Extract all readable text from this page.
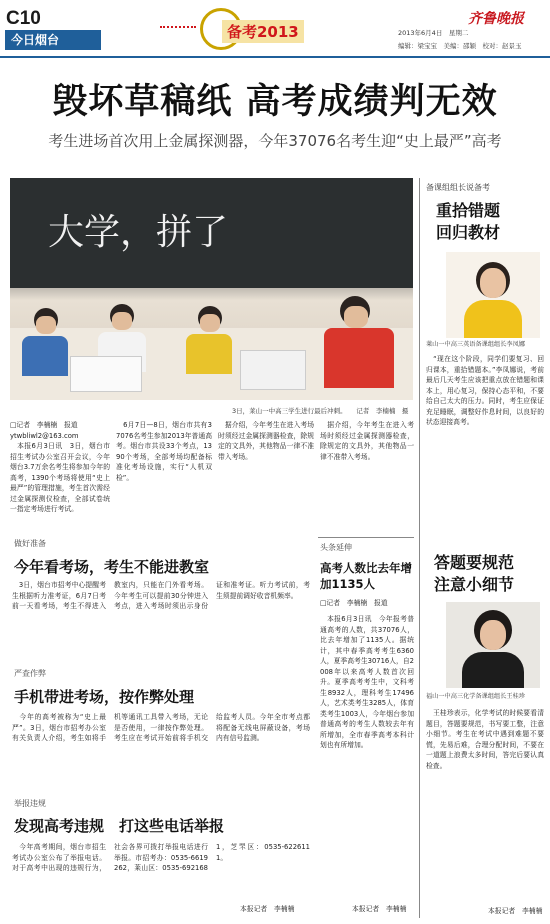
C10
今日烟台	备考2013
齐鲁晚报
2013年6月4日　星期二
编辑：梁宝宝　美编：邵颖　校对：赵景玉
毁坏草稿纸 高考成绩判无效
考生进场首次用上金属探测器，今年37076名考生迎“史上最严”高考
大学，拼了
3日，莱山一中高三学生进行最后冲刺。　　记者　李楠楠　摄
□记者　李楠楠　报道
ytwbliwl2@163.com
　本报6月3日讯　3日，烟台市招生考试办公室召开会议，今年烟台3.7万余名考生将参加今年的高考，1390个考场将使用“史上最严”的管理措施，考生首次需经过金属探测仪检查，全部试卷统一指定考场进行考试。
　6月7日—8日，烟台市共有37076名考生参加2013年普通高考。烟台市共设33个考点，1390个考场，全部考场均配备标准化考场设施，实行“人机双检”。
　据介绍，今年考生在进入考场时须经过金属探测器检查，除规定的文具外，其他物品一律不准带入考场。
　据介绍，今年考生在进入考场时须经过金属探测器检查，除规定的文具外，其他物品一律不准带入考场。
做好准备
今年看考场，考生不能进教室
　3日，烟台市招考中心提醒考生根据听力准考证，6月7日考前一天看考场，考生不得进入教室内，只能在门外看考场。今年考生可以提前30分钟进入考点，进入考场时须出示身份证和准考证。听力考试前，考生须提前调好收音机频率。
严查作弊
手机带进考场，按作弊处理
　今年的高考被称为“史上最严”。3日，烟台市招考办公室有关负责人介绍，考生如将手机等通讯工具带入考场，无论是否使用，一律按作弊处理。考生应在考试开始前将手机交给监考人员。今年全市考点都将配备无线电屏蔽设备，考场内有信号监测。
举报违规
发现高考违规　打这些电话举报
　今年高考期间，烟台市招生考试办公室公布了举报电话。对于高考中出现的违规行为，社会各界可拨打举报电话进行举报。市招考办：0535-6619262，莱山区：0535-6921681，芝罘区：0535-6226111。
本报记者　李楠楠
头条延伸
高考人数比去年增加1135人
□记者　李楠楠　报道
　本报6月3日讯　今年报考普通高考的人数，共37076人，比去年增加了1135人。据统计，其中春季高考考生6360人，夏季高考生30716人，自2008年以来高考人数首次回升。夏季高考考生中，文科考生8932人，理科考生17496人，艺术类考生3285人，体育类考生1003人，今年烟台参加普通高考的考生人数较去年有所增加，全市春季高考本科计划也有所增加。
本报记者　李楠楠
备课组组长说备考
重拾错题
回归教材
莱山一中高三英语备课组组长李凤娜
　“现在这个阶段，同学们要复习、回归课本，重拾错题本。”李凤娜说，考前最后几天考生应该把重点放在错题和课本上，用心复习，保持心态平和，不要给自己太大的压力。同时，考生应保证充足睡眠，调整好作息时间，以良好的状态迎接高考。
答题要规范
注意小细节
福山一中高三化学备课组组长王桂珍
　王桂珍表示，化学考试的时候要看清题目，答题要规范，书写要工整，注意小细节。考生在考试中遇到难题不要慌，先易后难，合理分配时间，不要在一道题上浪费太多时间，答完后要认真检查。
本报记者　李楠楠
